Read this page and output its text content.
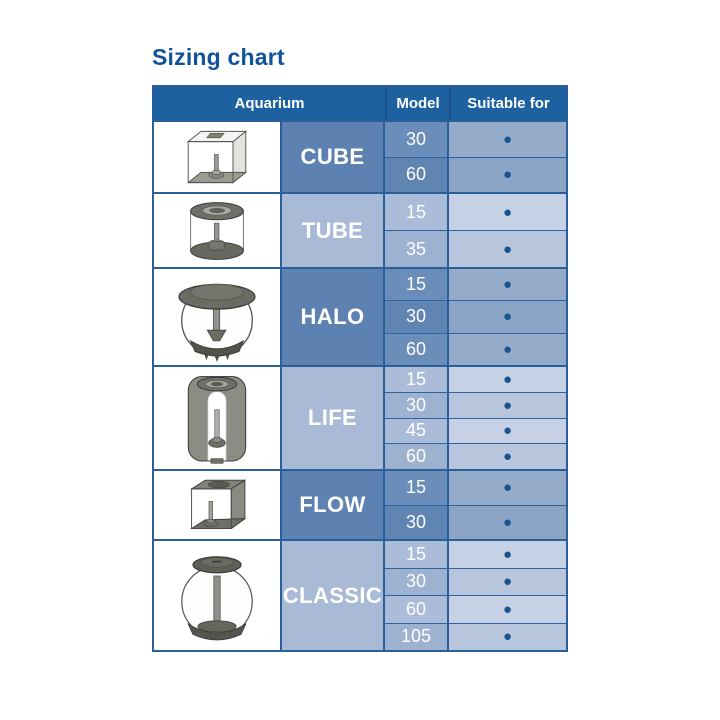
Sizing chart
Aquarium	Model	Suitable for
CUBE
30	●
60	●
TUBE
15	●
35	●
HALO
15	●
30	●
60	●
LIFE
15	●
30	●
45	●
60	●
FLOW
15	●
30	●
CLASSIC
15	●
30	●
60	●
105	●
